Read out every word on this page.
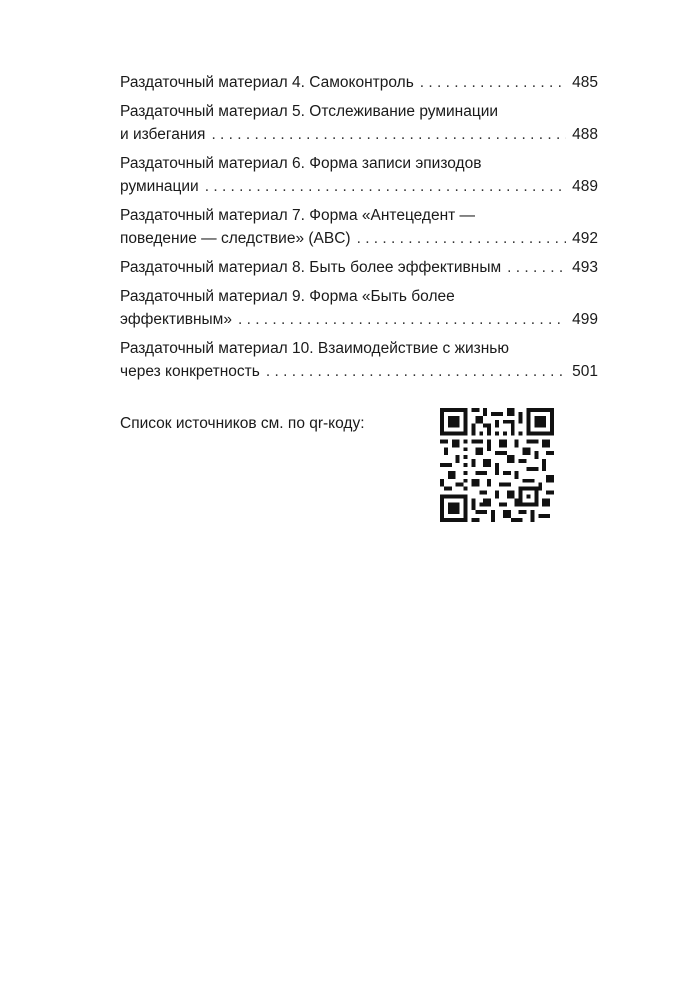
Раздаточный материал 4. Самоконтроль . . .	485
Раздаточный материал 5. Отслеживание руминации
и избегания . . .	488
Раздаточный материал 6. Форма записи эпизодов
руминации . . .	489
Раздаточный материал 7. Форма «Антецедент —
поведение — следствие» (ABC) . . .	492
Раздаточный материал 8. Быть более эффективным . . .	493
Раздаточный материал 9. Форма «Быть более
эффективным» . . .	499
Раздаточный материал 10. Взаимодействие с жизнью
через конкретность . . .	501
Список источников см. по qr-коду:
